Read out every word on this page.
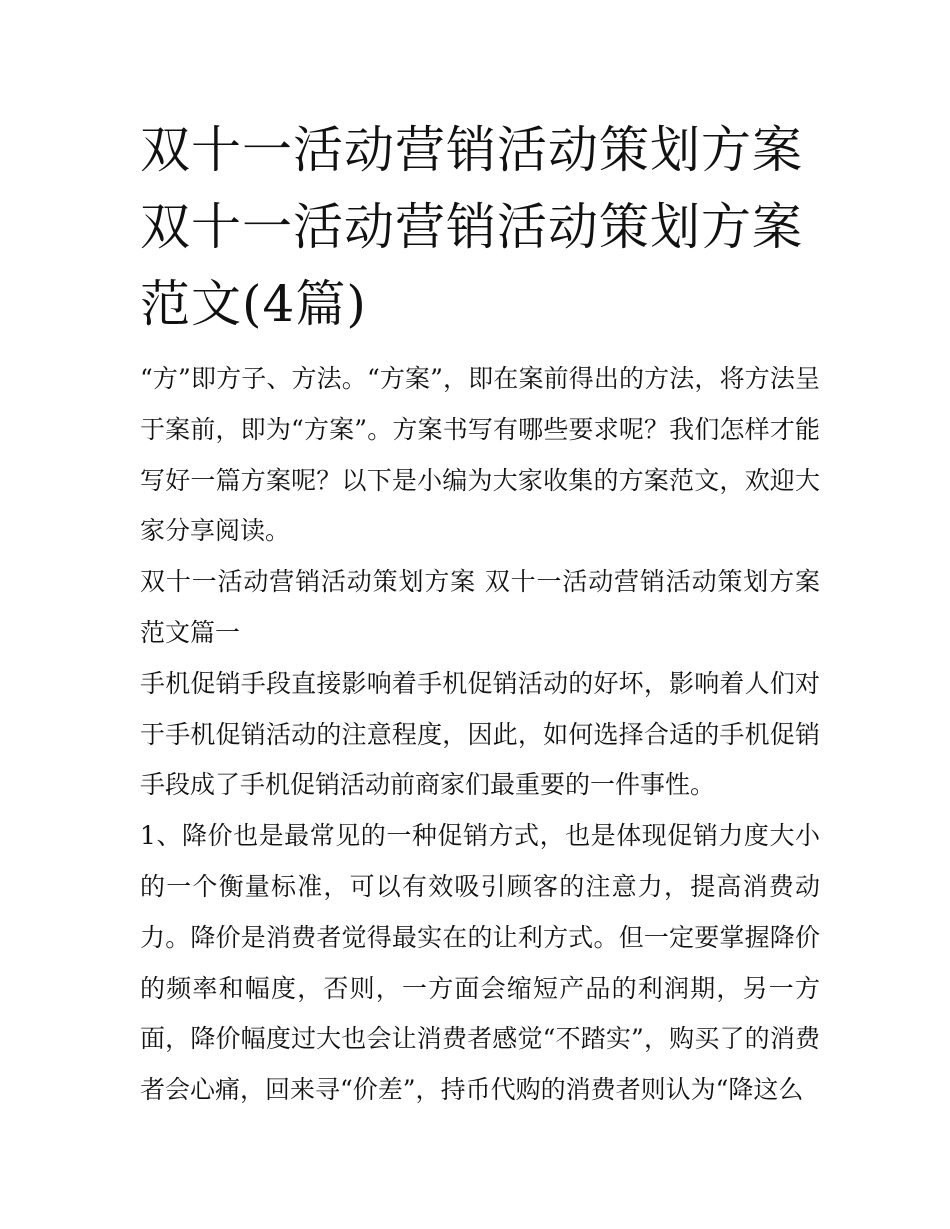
双十一活动营销活动策划方案
双十一活动营销活动策划方案
范文(4篇)

“方”即方子、方法。“方案”，即在案前得出的方法，将方法呈于案前，即为“方案”。方案书写有哪些要求呢？我们怎样才能写好一篇方案呢？以下是小编为大家收集的方案范文，欢迎大家分享阅读。

双十一活动营销活动策划方案 双十一活动营销活动策划方案范文篇一

手机促销手段直接影响着手机促销活动的好坏，影响着人们对于手机促销活动的注意程度，因此，如何选择合适的手机促销手段成了手机促销活动前商家们最重要的一件事性。

1、降价也是最常见的一种促销方式，也是体现促销力度大小的一个衡量标准，可以有效吸引顾客的注意力，提高消费动力。降价是消费者觉得最实在的让利方式。但一定要掌握降价的频率和幅度，否则，一方面会缩短产品的利润期，另一方面，降价幅度过大也会让消费者感觉“不踏实”，购买了的消费者会心痛，回来寻“价差”，持币代购的消费者则认为“降这么
